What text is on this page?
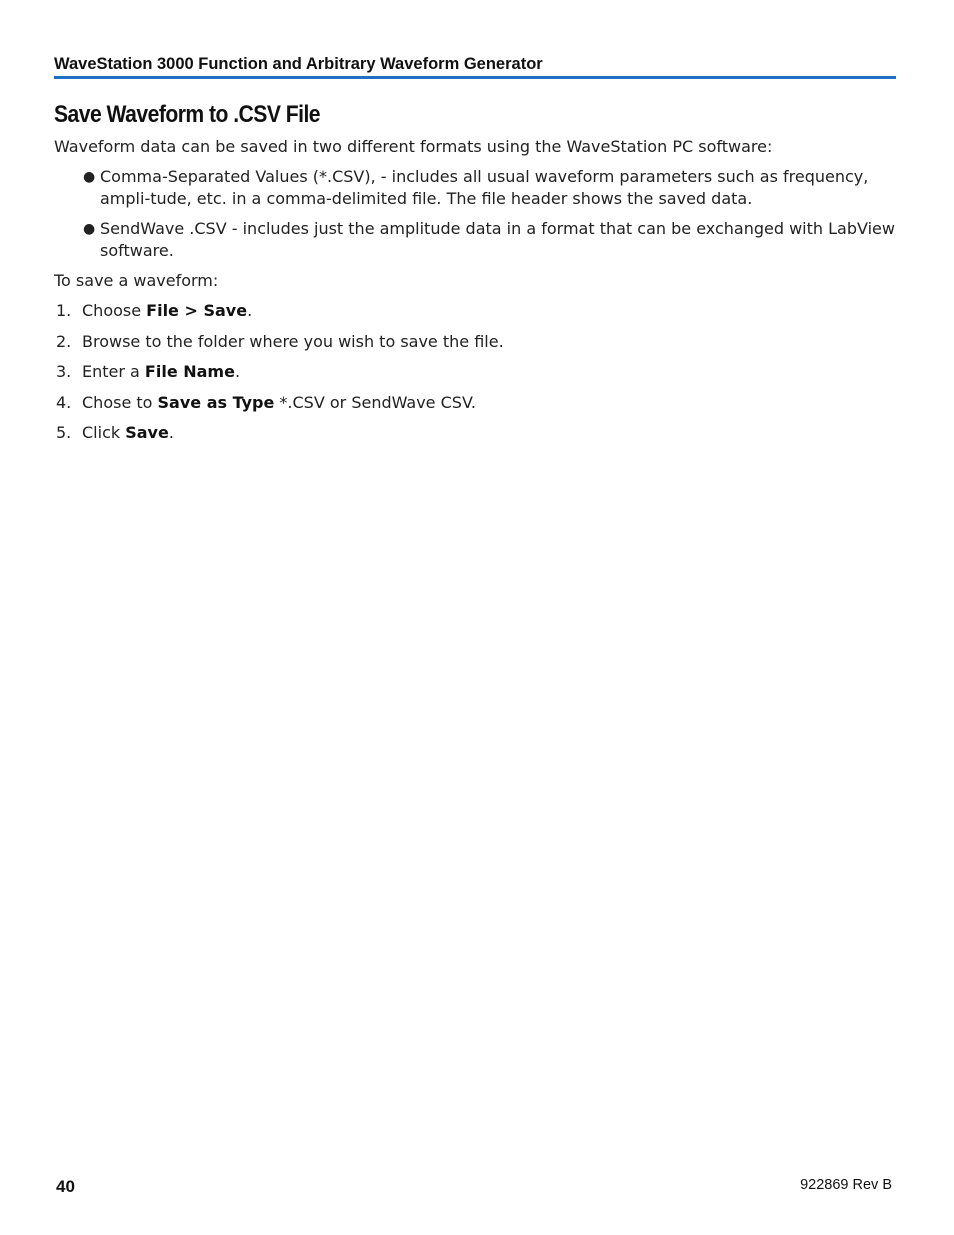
WaveStation 3000 Function and Arbitrary Waveform Generator
Save Waveform to .CSV File

Waveform data can be saved in two different formats using the WaveStation PC software:

● Comma-Separated Values (*.CSV), - includes all usual waveform parameters such as frequency, ampli-tude, etc. in a comma-delimited file. The file header shows the saved data.
● SendWave .CSV - includes just the amplitude data in a format that can be exchanged with LabView software.

To save a waveform:

1. Choose File > Save.
2. Browse to the folder where you wish to save the file.
3. Enter a File Name.
4. Chose to Save as Type *.CSV or SendWave CSV.
5. Click Save.
40	922869 Rev B
